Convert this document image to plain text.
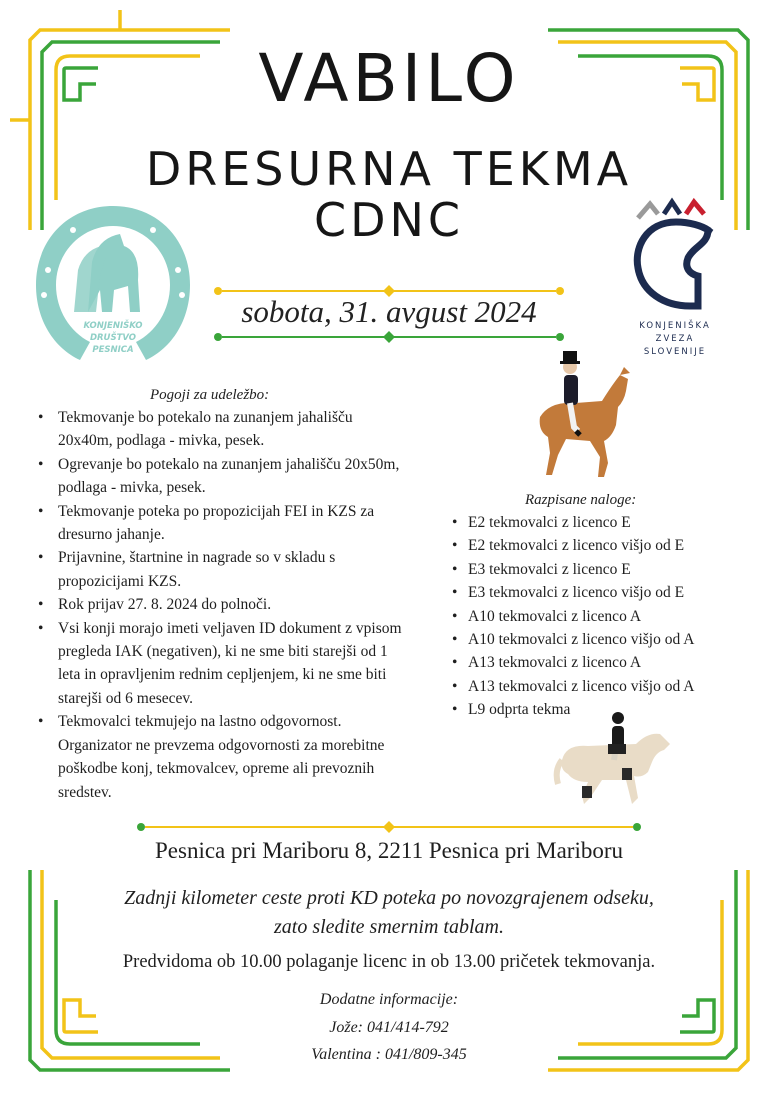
VABILO
DRESURNA TEKMA
CDNC
KONJENIŠKO
DRUŠTVO
PESNICA
KONJENIŠKA
ZVEZA
SLOVENIJE
sobota, 31. avgust 2024
Pogoji za udeležbo:
• Tekmovanje bo potekalo na zunanjem jahališču 20x40m, podlaga - mivka, pesek.
• Ogrevanje bo potekalo na zunanjem jahališču 20x50m, podlaga - mivka, pesek.
• Tekmovanje poteka po propozicijah FEI in KZS za dresurno jahanje.
• Prijavnine, štartnine in nagrade so v skladu s propozicijami KZS.
• Rok prijav 27. 8. 2024 do polnoči.
• Vsi konji morajo imeti veljaven ID dokument z vpisom pregleda IAK (negativen), ki ne sme biti starejši od 1 leta in opravljenim rednim cepljenjem, ki ne sme biti starejši od 6 mesecev.
• Tekmovalci tekmujejo na lastno odgovornost. Organizator ne prevzema odgovornosti za morebitne poškodbe konj, tekmovalcev, opreme ali prevoznih sredstev.
Razpisane naloge:
• E2 tekmovalci z licenco E
• E2 tekmovalci z licenco višjo od E
• E3 tekmovalci z licenco E
• E3 tekmovalci z licenco višjo od E
• A10 tekmovalci z licenco A
• A10 tekmovalci z licenco višjo od A
• A13 tekmovalci z licenco A
• A13 tekmovalci z licenco višjo od A
• L9 odprta tekma
Pesnica pri Mariboru 8, 2211 Pesnica pri Mariboru
Zadnji kilometer ceste proti KD poteka po novozgrajenem odseku,
zato sledite smernim tablam.
Predvidoma ob 10.00 polaganje licenc in ob 13.00 pričetek tekmovanja.
Dodatne informacije:
Jože: 041/414-792
Valentina : 041/809-345
